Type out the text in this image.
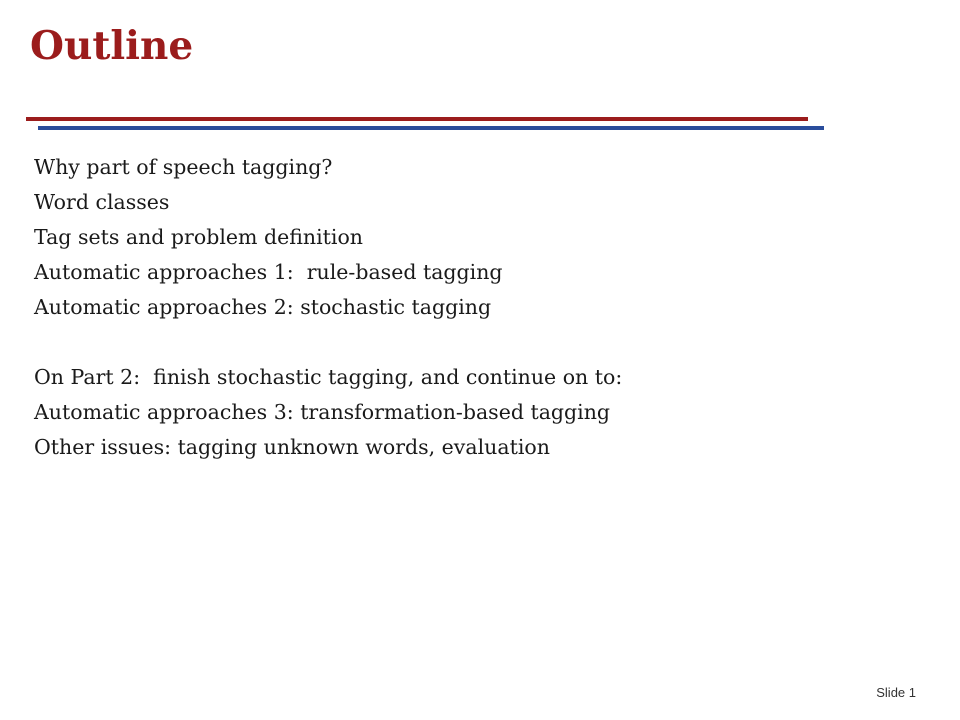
Outline
Why part of speech tagging?
Word classes
Tag sets and problem definition
Automatic approaches 1:  rule-based tagging
Automatic approaches 2: stochastic tagging
On Part 2:  finish stochastic tagging, and continue on to:
Automatic approaches 3: transformation-based tagging
Other issues: tagging unknown words, evaluation
Slide 1
